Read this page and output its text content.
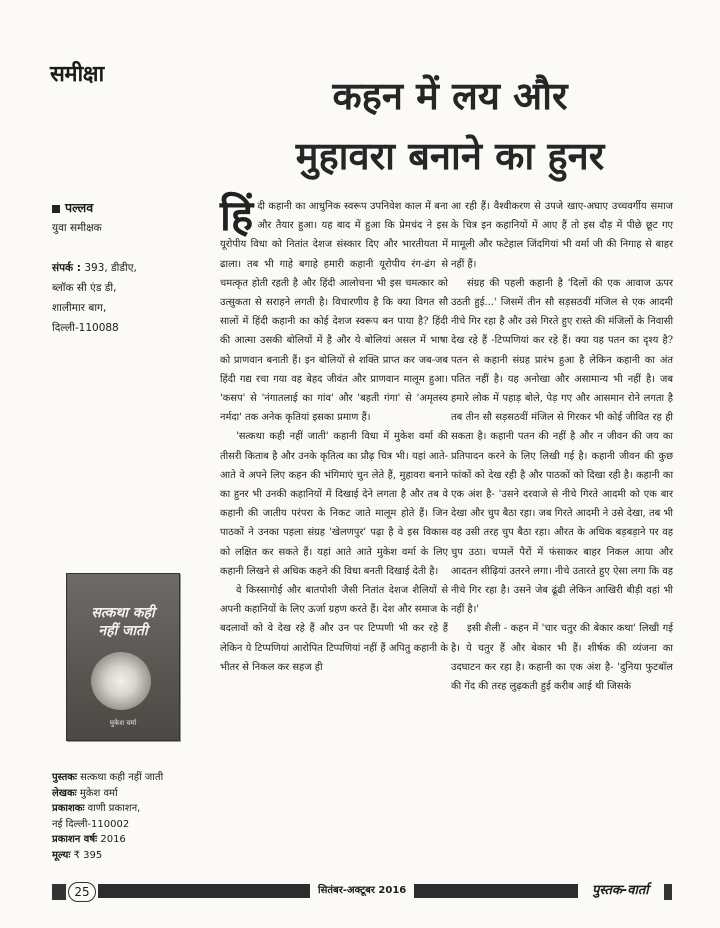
समीक्षा	कहन में लय और
मुहावरा बनाने का हुनर
पल्लव
युवा समीक्षक
संपर्क : 393, डीडीए,
ब्लॉक सी एंड डी,
शालीमार बाग,
दिल्ली-110088
सत्कथा कही
नहीं जाती
मुकेश वर्मा
पुस्तकः सत्कथा कही नहीं जाती
लेखकः मुकेश वर्मा
प्रकाशकः वाणी प्रकाशन,
नई दिल्ली-110002
प्रकाशन वर्षः 2016
मूल्यः ₹ 395

हिंदी कहानी का आधुनिक स्वरूप उपनिवेश काल में बना और तैयार हुआ। यह बाद में हुआ कि प्रेमचंद ने इस यूरोपीय विधा को नितांत देशज संस्कार दिए और भारतीयता में ढाला। तब भी गाहे बगाहे हमारी कहानी यूरोपीय रंग-ढंग से चमत्कृत होती रहती है और हिंदी आलोचना भी इस चमत्कार को उत्सुकता से सराहने लगती है। विचारणीय है कि क्या विगत सौ सालों में हिंदी कहानी का कोई देशज स्वरूप बन पाया है? हिंदी की आत्मा उसकी बोलियों में है और ये बोलियां असल में भाषा को प्राणवान बनाती हैं। इन बोलियों से शक्ति प्राप्त कर जब-जब हिंदी गद्य रचा गया वह बेहद जीवंत और प्राणवान मालूम हुआ। 'कसप' से 'नंगातलाई का गांव' और 'बहती गंगा' से 'अमृतस्य नर्मदा' तक अनेक कृतियां इसका प्रमाण हैं।

'सत्कथा कही नहीं जाती' कहानी विधा में मुकेश वर्मा की तीसरी किताब है और उनके कृतित्व का प्रौढ़ चित्र भी। यहां आते-आते वे अपने लिए कहन की भंगिमाएं चुन लेते हैं, मुहावरा बनाने का हुनर भी उनकी कहानियों में दिखाई देने लगता है और तब वे कहानी की जातीय परंपरा के निकट जाते मालूम होते हैं। जिन पाठकों ने उनका पहला संग्रह 'खेलणपुर' पढ़ा है वे इस विकास को लक्षित कर सकते हैं। यहां आते आते मुकेश वर्मा के लिए कहानी लिखने से अधिक कहने की विधा बनती दिखाई देती है।

वे किस्सागोई और बातपोशी जैसी नितांत देशज शैलियों से अपनी कहानियों के लिए ऊर्जा ग्रहण करते हैं। देश और समाज के बदलावों को वे देख रहे हैं और उन पर टिप्पणी भी कर रहे हैं लेकिन ये टिप्पणियां आरोपित टिप्पणियां नहीं हैं अपितु कहानी के भीतर से निकल कर सहज ही

आ रही हैं। वैश्वीकरण से उपजे खाए-अघाए उच्चवर्गीय समाज के चित्र इन कहानियों में आए हैं तो इस दौड़ में पीछे छूट गए मामूली और फटेहाल जिंदगियां भी वर्मा जी की निगाह से बाहर नहीं हैं।

संग्रह की पहली कहानी है 'दिलों की एक आवाज ऊपर उठती हुई...' जिसमें तीन सौ सड़सठवीं मंजिल से एक आदमी नीचे गिर रहा है और उसे गिरते हुए रास्ते की मंजिलों के निवासी देख रहे हैं -टिप्पणियां कर रहे हैं। क्या यह पतन का दृश्य है? पतन से कहानी संग्रह प्रारंभ हुआ है लेकिन कहानी का अंत पतित नहीं है। यह अनोखा और असामान्य भी नहीं है। जब हमारे लोक में पहाड़ बोले, पेड़ गए और आसमान रोने लगता है तब तीन सौ सड़सठवीं मंजिल से गिरकर भी कोई जीवित रह ही सकता है। कहानी पतन की नहीं है और न जीवन की जय का प्रतिपादन करने के लिए लिखी गई है। कहानी जीवन की कुछ फांकों को देख रही है और पाठकों को दिखा रही है। कहानी का एक अंश है- 'उसने दरवाजे से नीचे गिरते आदमी को एक बार देखा और चुप बैठा रहा। जब गिरते आदमी ने उसे देखा, तब भी वह उसी तरह चुप बैठा रहा। औरत के अधिक बड़बड़ाने पर वह चुप उठा। चप्पलें पैरों में फंसाकर बाहर निकल आया और आदतन सीढ़ियां उतरने लगा। नीचे उतारते हुए ऐसा लगा कि वह नीचे गिर रहा है। उसने जेब ढूंढी लेकिन आखिरी बीड़ी वहां भी नहीं है।'

इसी शैली - कहन में 'चार चतुर की बेकार कथा' लिखी गई है। ये चतुर हैं और बेकार भी हैं। शीर्षक की व्यंजना का उदघाटन कर रहा है। कहानी का एक अंश है- 'दुनिया फुटबॉल की गेंद की तरह लुढ़कती हुई करीब आई थी जिसके

25	सितंबर-अक्टूबर 2016	पुस्तक-वार्ता
